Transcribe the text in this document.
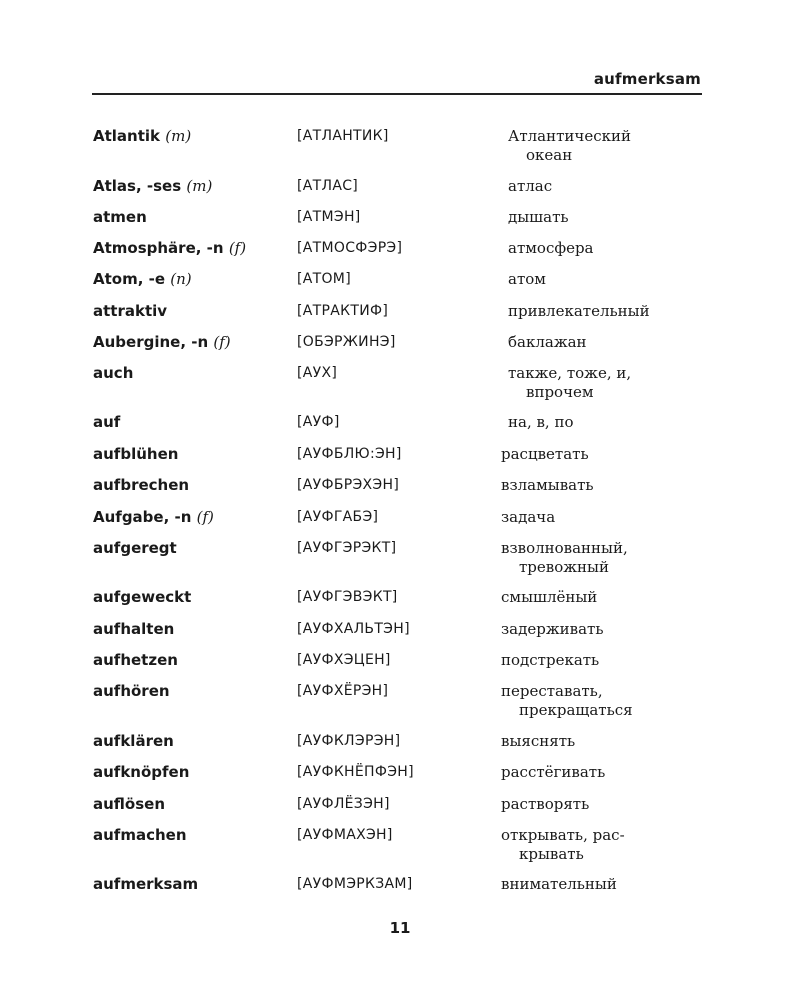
aufmerksam
Atlantik (m)	[АТЛАНТИК]	Атлантический
океан
Atlas, -ses (m)	[АТЛАС]	атлас
atmen	[АТМЭН]	дышать
Atmosphäre, -n (f)	[АТМОСФЭРЭ]	атмосфера
Atom, -e (n)	[АТОМ]	атом
attraktiv	[АТРАКТИФ]	привлекательный
Aubergine, -n (f)	[ОБЭРЖИНЭ]	баклажан
auch	[АУХ]	также, тоже, и,
впрочем
auf	[АУФ]	на, в, по
aufblühen	[АУФБЛЮ:ЭН]	расцветать
aufbrechen	[АУФБРЭХЭН]	взламывать
Aufgabe, -n (f)	[АУФГАБЭ]	задача
aufgeregt	[АУФГЭРЭКТ]	взволнованный,
тревожный
aufgeweckt	[АУФГЭВЭКТ]	смышлёный
aufhalten	[АУФХАЛЬТЭН]	задерживать
aufhetzen	[АУФХЭЦЕН]	подстрекать
aufhören	[АУФХЁРЭН]	переставать,
прекращаться
aufklären	[АУФКЛЭРЭН]	выяснять
aufknöpfen	[АУФКНЁПФЭН]	расстёгивать
auflösen	[АУФЛЁЗЭН]	растворять
aufmachen	[АУФМАХЭН]	открывать, рас-
крывать
aufmerksam	[АУФМЭРКЗАМ]	внимательный
11
